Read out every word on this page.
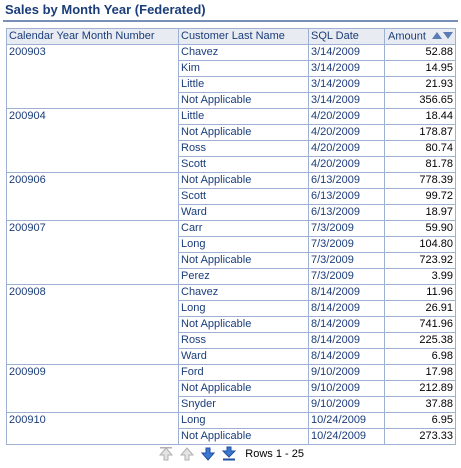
Sales by Month Year (Federated)
Calendar Year Month Number	Customer Last Name	SQL Date	Amount
200903	Chavez	3/14/2009	52.88
	Kim	3/14/2009	14.95
	Little	3/14/2009	21.93
	Not Applicable	3/14/2009	356.65
200904	Little	4/20/2009	18.44
	Not Applicable	4/20/2009	178.87
	Ross	4/20/2009	80.74
	Scott	4/20/2009	81.78
200906	Not Applicable	6/13/2009	778.39
	Scott	6/13/2009	99.72
	Ward	6/13/2009	18.97
200907	Carr	7/3/2009	59.90
	Long	7/3/2009	104.80
	Not Applicable	7/3/2009	723.92
	Perez	7/3/2009	3.99
200908	Chavez	8/14/2009	11.96
	Long	8/14/2009	26.91
	Not Applicable	8/14/2009	741.96
	Ross	8/14/2009	225.38
	Ward	8/14/2009	6.98
200909	Ford	9/10/2009	17.98
	Not Applicable	9/10/2009	212.89
	Snyder	9/10/2009	37.88
200910	Long	10/24/2009	6.95
	Not Applicable	10/24/2009	273.33
Rows 1 - 25
